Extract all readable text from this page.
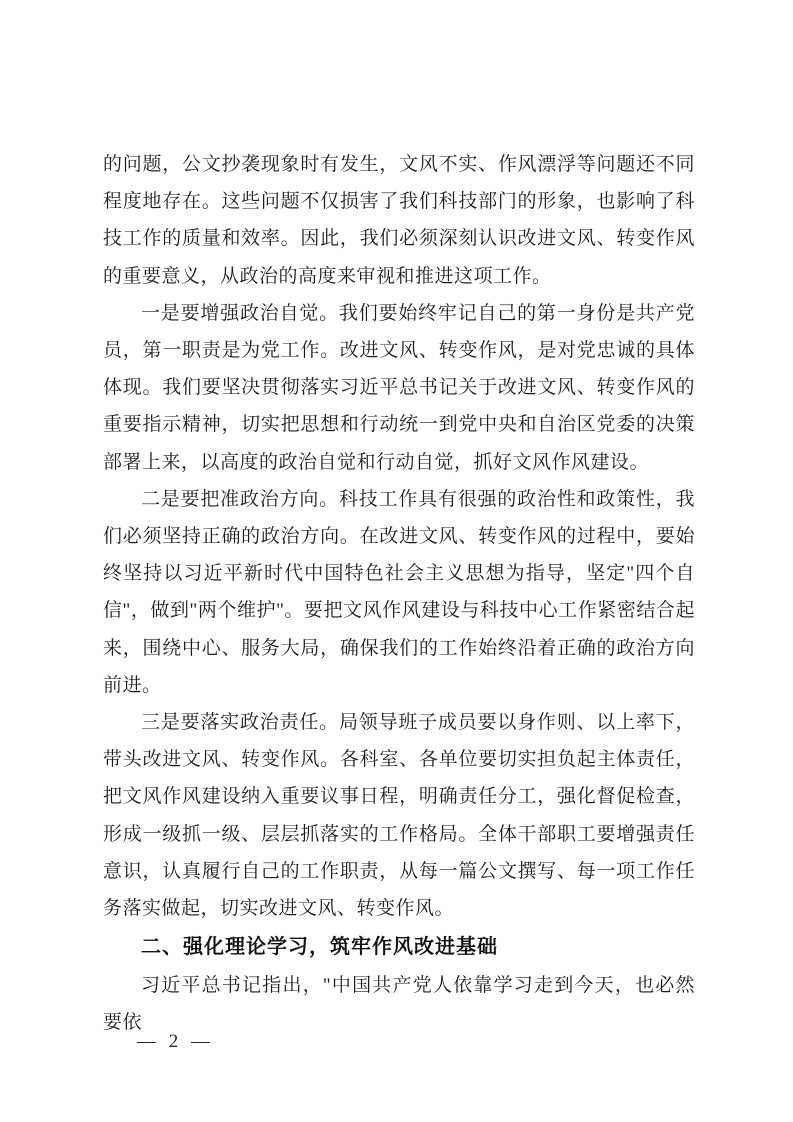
的问题，公文抄袭现象时有发生，文风不实、作风漂浮等问题还不同程度地存在。这些问题不仅损害了我们科技部门的形象，也影响了科技工作的质量和效率。因此，我们必须深刻认识改进文风、转变作风的重要意义，从政治的高度来审视和推进这项工作。

一是要增强政治自觉。我们要始终牢记自己的第一身份是共产党员，第一职责是为党工作。改进文风、转变作风，是对党忠诚的具体体现。我们要坚决贯彻落实习近平总书记关于改进文风、转变作风的重要指示精神，切实把思想和行动统一到党中央和自治区党委的决策部署上来，以高度的政治自觉和行动自觉，抓好文风作风建设。

二是要把准政治方向。科技工作具有很强的政治性和政策性，我们必须坚持正确的政治方向。在改进文风、转变作风的过程中，要始终坚持以习近平新时代中国特色社会主义思想为指导，坚定"四个自信"，做到"两个维护"。要把文风作风建设与科技中心工作紧密结合起来，围绕中心、服务大局，确保我们的工作始终沿着正确的政治方向前进。

三是要落实政治责任。局领导班子成员要以身作则、以上率下，带头改进文风、转变作风。各科室、各单位要切实担负起主体责任，把文风作风建设纳入重要议事日程，明确责任分工，强化督促检查，形成一级抓一级、层层抓落实的工作格局。全体干部职工要增强责任意识，认真履行自己的工作职责，从每一篇公文撰写、每一项工作任务落实做起，切实改进文风、转变作风。

二、强化理论学习，筑牢作风改进基础

习近平总书记指出，"中国共产党人依靠学习走到今天，也必然要依

— 2 —
